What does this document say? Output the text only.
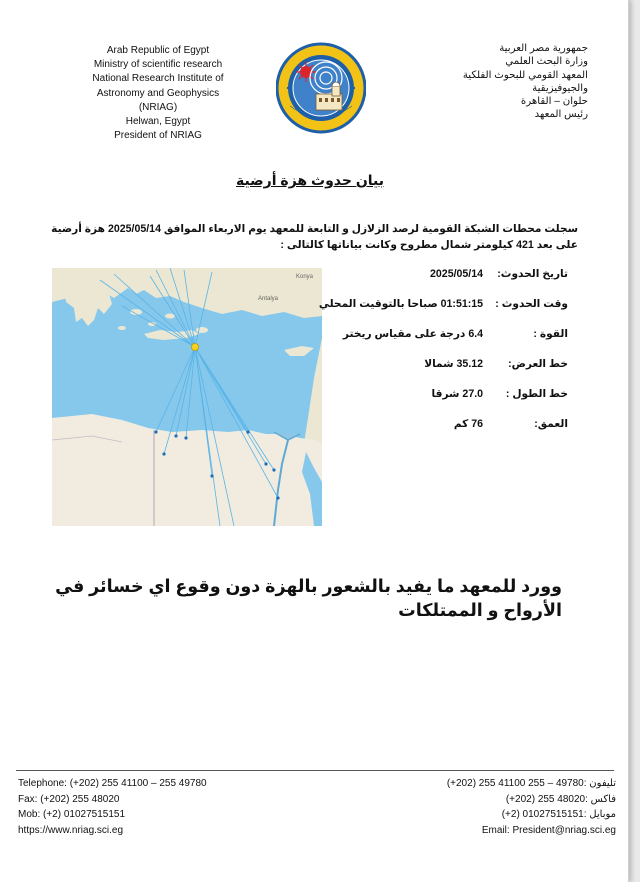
Arab Republic of Egypt
Ministry of scientific research
National Research Institute of
Astronomy and Geophysics
(NRIAG)
Helwan, Egypt
President of NRIAG
جمهورية مصر العربية
وزارة البحث العلمي
المعهد القومي للبحوث الفلكية
والجيوفيزيقية
حلوان – القاهرة
رئيس المعهد
بيان حدوث هزة أرضية
سجلت محطات الشبكة القومية لرصد الزلازل و التابعة للمعهد يوم الاربعاء الموافق 2025/05/14 هزة أرضية على بعد 421 كيلومتر شمال مطروح وكانت بياناتها كالتالى :
Konya
Antalya
تاريخ الحدوث: 2025/05/14
وقت الحدوث : 01:51:15 صباحا بالتوقيت المحلي
القوة : 6.4 درجة على مقياس ريختر
خط العرض: 35.12 شمالا
خط الطول : 27.0 شرقا
العمق: 76 كم
وورد للمعهد ما يفيد بالشعور بالهزة دون وقوع اي خسائر في الأرواح و الممتلكات
Telephone: (+202) 255 41100 – 255 49780
Fax: (+202) 255 48020
Mob: (+2) 01027515151
https://www.nriag.sci.eg
تليفون :49780 – 255 41100 255 (202+)
فاكس :48020 255 (202+)
موبايل :01027515151 (2+)
Email: President@nriag.sci.eg
